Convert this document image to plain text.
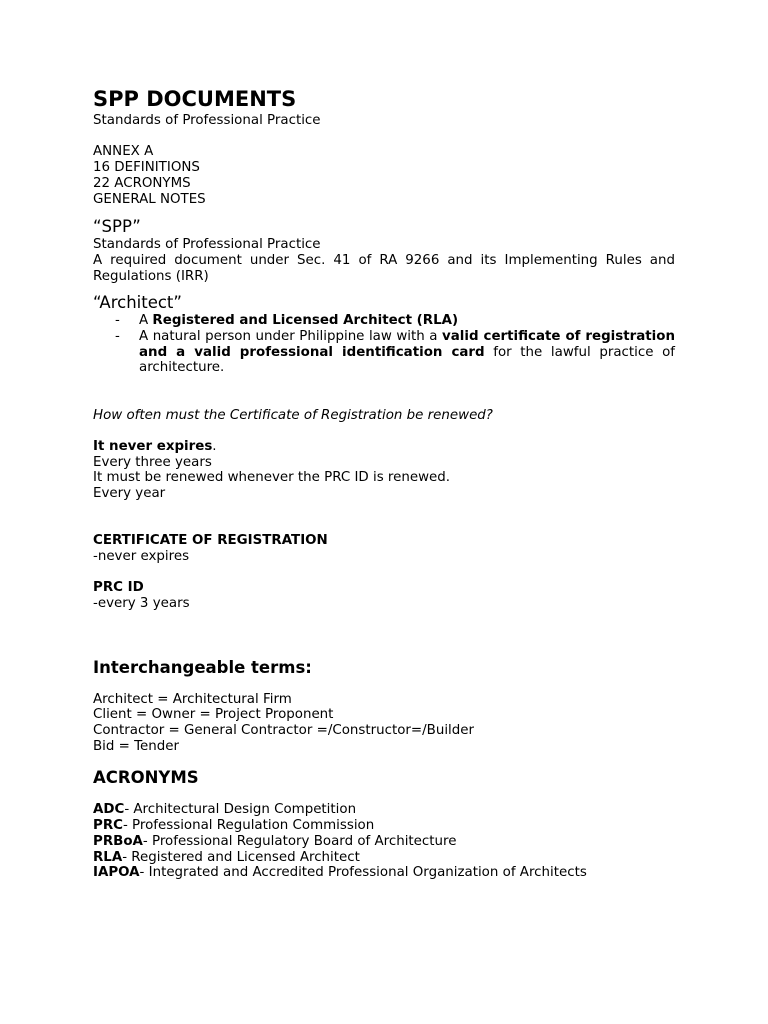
SPP DOCUMENTS
Standards of Professional Practice
ANNEX A
16 DEFINITIONS
22 ACRONYMS
GENERAL NOTES
“SPP”
Standards of Professional Practice
A required document under Sec. 41 of RA 9266 and its Implementing Rules and Regulations (IRR)
“Architect”
- A Registered and Licensed Architect (RLA)
- A natural person under Philippine law with a valid certificate of registration and a valid professional identification card for the lawful practice of architecture.
How often must the Certificate of Registration be renewed?
It never expires.
Every three years
It must be renewed whenever the PRC ID is renewed.
Every year
CERTIFICATE OF REGISTRATION
-never expires
PRC ID
-every 3 years
Interchangeable terms:
Architect = Architectural Firm
Client = Owner = Project Proponent
Contractor = General Contractor =/Constructor=/Builder
Bid = Tender
ACRONYMS
ADC- Architectural Design Competition
PRC- Professional Regulation Commission
PRBoA- Professional Regulatory Board of Architecture
RLA- Registered and Licensed Architect
IAPOA- Integrated and Accredited Professional Organization of Architects
